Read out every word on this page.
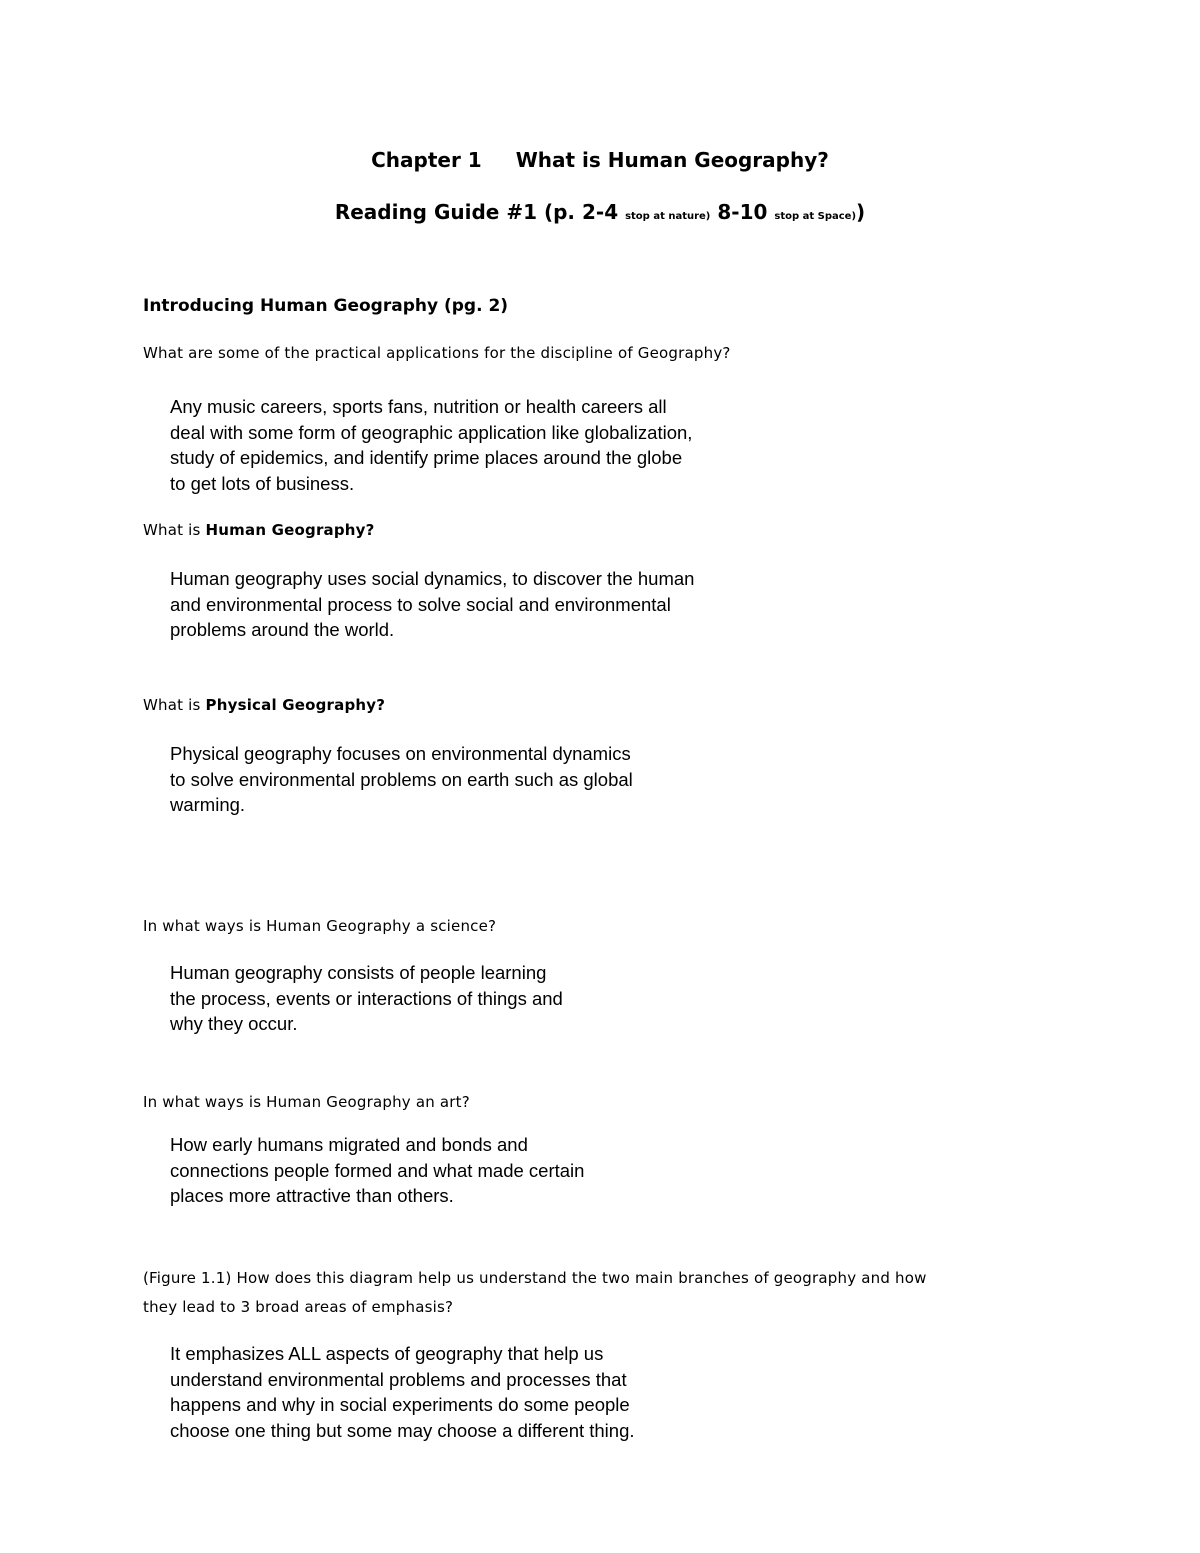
Chapter 1 What is Human Geography?
Reading Guide #1 (p. 2-4 stop at nature) 8-10 stop at Space))
Introducing Human Geography (pg. 2)
What are some of the practical applications for the discipline of Geography?
Any music careers, sports fans, nutrition or health careers all
deal with some form of geographic application like globalization,
study of epidemics, and identify prime places around the globe
to get lots of business.
What is Human Geography?
Human geography uses social dynamics, to discover the human
and environmental process to solve social and environmental
problems around the world.
What is Physical Geography?
Physical geography focuses on environmental dynamics
to solve environmental problems on earth such as global
warming.
In what ways is Human Geography a science?
Human geography consists of people learning
the process, events or interactions of things and
why they occur.
In what ways is Human Geography an art?
How early humans migrated and bonds and
connections people formed and what made certain
places more attractive than others.
(Figure 1.1) How does this diagram help us understand the two main branches of geography and how
they lead to 3 broad areas of emphasis?
It emphasizes ALL aspects of geography that help us
understand environmental problems and processes that
happens and why in social experiments do some people
choose one thing but some may choose a different thing.
